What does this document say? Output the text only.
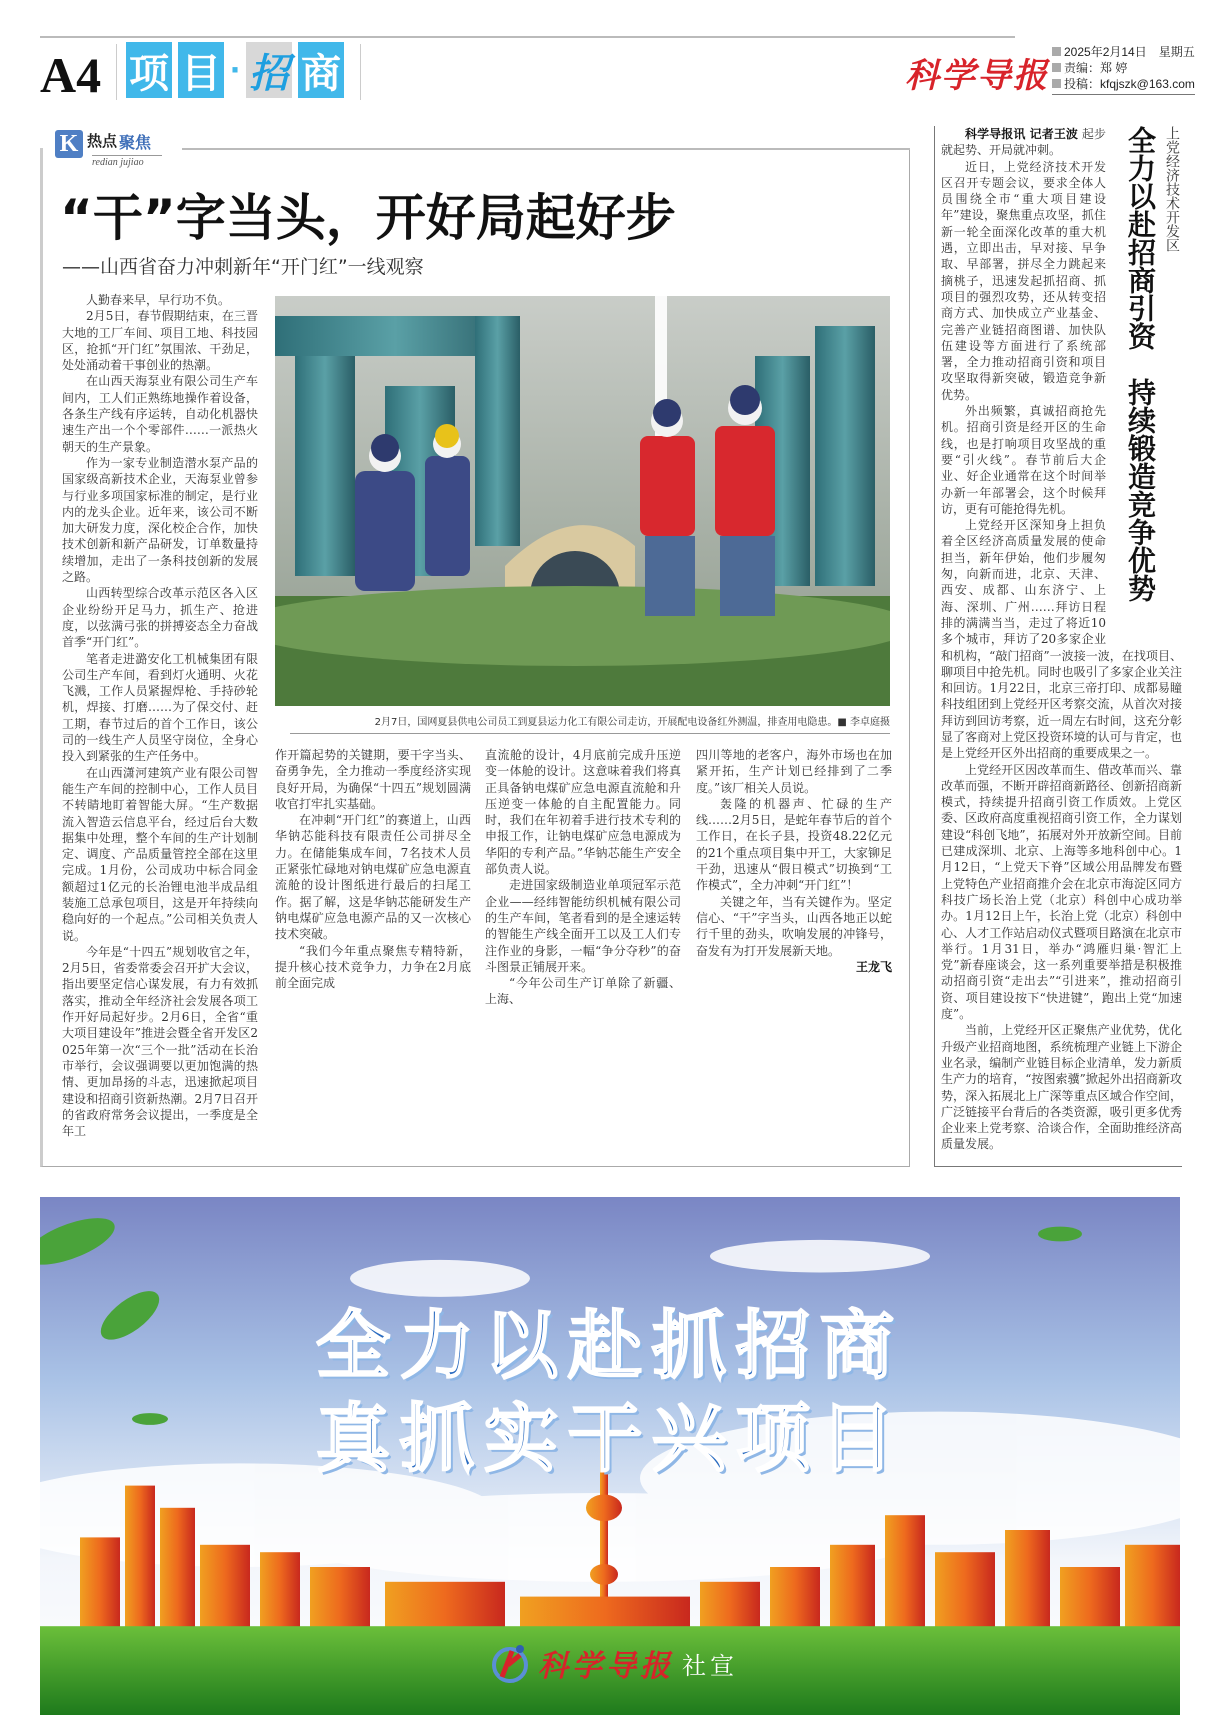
A4 项 目 · 招 商	科学导报
2025年2月14日　星期五
责编：郑 婷
投稿：kfqjszk@163.com
K 热点 聚焦
redian jujiao
“干”字当头，开好局起好步
——山西省奋力冲刺新年“开门红”一线观察

人勤春来早，早行功不负。

2月5日，春节假期结束，在三晋大地的工厂车间、项目工地、科技园区，抢抓“开门红”氛围浓、干劲足，处处涌动着干事创业的热潮。

在山西天海泵业有限公司生产车间内，工人们正熟练地操作着设备，各条生产线有序运转，自动化机器快速生产出一个个零部件……一派热火朝天的生产景象。

作为一家专业制造潜水泵产品的国家级高新技术企业，天海泵业曾参与行业多项国家标准的制定，是行业内的龙头企业。近年来，该公司不断加大研发力度，深化校企合作，加快技术创新和新产品研发，订单数量持续增加，走出了一条科技创新的发展之路。

山西转型综合改革示范区各入区企业纷纷开足马力，抓生产、抢进度，以弦满弓张的拼搏姿态全力奋战首季“开门红”。

笔者走进潞安化工机械集团有限公司生产车间，看到灯火通明、火花飞溅，工作人员紧握焊枪、手持砂轮机，焊接、打磨……为了保交付、赶工期，春节过后的首个工作日，该公司的一线生产人员坚守岗位，全身心投入到紧张的生产任务中。

在山西潇河建筑产业有限公司智能生产车间的控制中心，工作人员目不转睛地盯着智能大屏。“生产数据流入智造云信息平台，经过后台大数据集中处理，整个车间的生产计划制定、调度、产品质量管控全部在这里完成。1月份，公司成功中标合同金额超过1亿元的长治锂电池半成品组装施工总承包项目，这是开年持续向稳向好的一个起点。”公司相关负责人说。

今年是“十四五”规划收官之年，2月5日，省委常委会召开扩大会议，指出要坚定信心谋发展，有力有效抓落实，推动全年经济社会发展各项工作开好局起好步。2月6日，全省“重大项目建设年”推进会暨全省开发区2025年第一次“三个一批”活动在长治市举行，会议强调要以更加饱满的热情、更加昂扬的斗志，迅速掀起项目建设和招商引资新热潮。2月7日召开的省政府常务会议提出，一季度是全年工

作开篇起势的关键期，要干字当头、奋勇争先，全力推动一季度经济实现良好开局，为确保“十四五”规划圆满收官打牢扎实基础。

在冲刺“开门红”的赛道上，山西华钠芯能科技有限责任公司拼尽全力。在储能集成车间，7名技术人员正紧张忙碌地对钠电煤矿应急电源直流舱的设计图纸进行最后的扫尾工作。据了解，这是华钠芯能研发生产钠电煤矿应急电源产品的又一次核心技术突破。

“我们今年重点聚焦专精特新，提升核心技术竞争力，力争在2月底前全面完成

直流舱的设计，4月底前完成升压逆变一体舱的设计。这意味着我们将真正具备钠电煤矿应急电源直流舱和升压逆变一体舱的自主配置能力。同时，我们在年初着手进行技术专利的申报工作，让钠电煤矿应急电源成为华阳的专利产品。”华钠芯能生产安全部负责人说。

走进国家级制造业单项冠军示范企业——经纬智能纺织机械有限公司的生产车间，笔者看到的是全速运转的智能生产线全面开工以及工人们专注作业的身影，一幅“争分夺秒”的奋斗图景正铺展开来。

“今年公司生产订单除了新疆、上海、

四川等地的老客户，海外市场也在加紧开拓，生产计划已经排到了二季度。”该厂相关人员说。

轰隆的机器声、忙碌的生产线……2月5日，是蛇年春节后的首个工作日，在长子县，投资48.22亿元的21个重点项目集中开工，大家铆足干劲，迅速从“假日模式”切换到“工作模式”，全力冲刺“开门红”！

关键之年，当有关键作为。坚定信心、“干”字当头，山西各地正以蛇行千里的劲头，吹响发展的冲锋号，奋发有为打开发展新天地。

王龙飞
2月7日，国网夏县供电公司员工到夏县运力化工有限公司走访，开展配电设备红外测温，排查用电隐患。■ 李卓庭摄
上党经济技术开发区
全力以赴招商引资　持续锻造竞争优势

科学导报讯 记者王波 起步就起势、开局就冲刺。

近日，上党经济技术开发区召开专题会议，要求全体人员围绕全市“重大项目建设年”建设，聚焦重点攻坚，抓住新一轮全面深化改革的重大机遇，立即出击，早对接、早争取、早部署，拼尽全力跳起来摘桃子，迅速发起抓招商、抓项目的强烈攻势，还从转变招商方式、加快成立产业基金、完善产业链招商图谱、加快队伍建设等方面进行了系统部署，全力推动招商引资和项目攻坚取得新突破，锻造竞争新优势。

外出频繁，真诚招商抢先机。招商引资是经开区的生命线，也是打响项目攻坚战的重要“引火线”。春节前后大企业、好企业通常在这个时间举办新一年部署会，这个时候拜访，更有可能抢得先机。

上党经开区深知身上担负着全区经济高质量发展的使命担当，新年伊始，他们步履匆匆，向新而进，北京、天津、西安、成都、山东济宁、上海、深圳、广州……拜访日程排的满满当当，走过了将近10多个城市，拜访了20多家企业和机构，“敲门招商”一波接一波，在找项目、聊项目中抢先机。同时也吸引了多家企业关注和回访。1月22日，北京三帝打印、成都易瞳科技组团到上党经开区考察交流，从首次对接拜访到回访考察，近一周左右时间，这充分彰显了客商对上党区投资环境的认可与肯定，也是上党经开区外出招商的重要成果之一。

上党经开区因改革而生、借改革而兴、靠改革而强，不断开辟招商新路径、创新招商新模式，持续提升招商引资工作质效。上党区委、区政府高度重视招商引资工作，全力谋划建设“科创飞地”，拓展对外开放新空间。目前已建成深圳、北京、上海等多地科创中心。1月12日，“上党天下脊”区域公用品牌发布暨上党特色产业招商推介会在北京市海淀区同方科技广场长治上党（北京）科创中心成功举办。1月12日上午，长治上党（北京）科创中心、人才工作站启动仪式暨项目路演在北京市举行。1月31日，举办“鸿雁归巢·智汇上党”新春座谈会，这一系列重要举措是积极推动招商引资“走出去”“引进来”，推动招商引资、项目建设按下“快进键”，跑出上党“加速度”。

当前，上党经开区正聚焦产业优势，优化升级产业招商地图，系统梳理产业链上下游企业名录，编制产业链目标企业清单，发力新质生产力的培育，“按图索骥”掀起外出招商新攻势，深入拓展北上广深等重点区域合作空间，广泛链接平台背后的各类资源，吸引更多优秀企业来上党考察、洽谈合作，全面助推经济高质量发展。

全力以赴抓招商
真抓实干兴项目
科学导报 社宣
